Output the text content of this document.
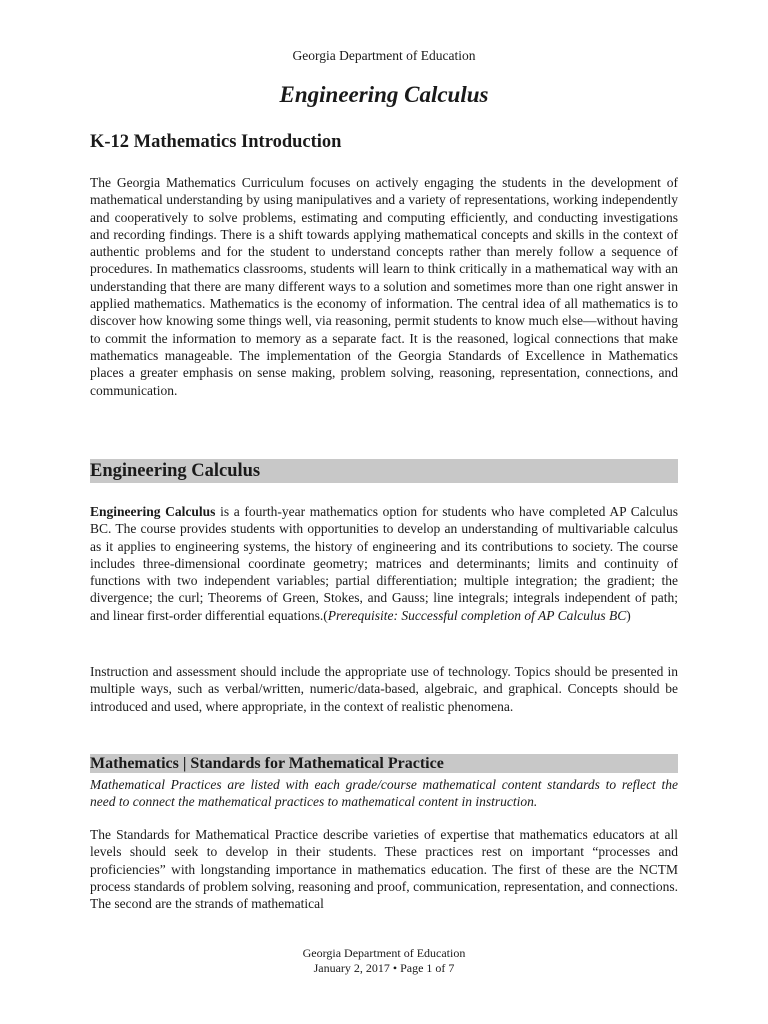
Georgia Department of Education
Engineering Calculus
K-12 Mathematics Introduction
The Georgia Mathematics Curriculum focuses on actively engaging the students in the development of mathematical understanding by using manipulatives and a variety of representations, working independently and cooperatively to solve problems, estimating and computing efficiently, and conducting investigations and recording findings. There is a shift towards applying mathematical concepts and skills in the context of authentic problems and for the student to understand concepts rather than merely follow a sequence of procedures. In mathematics classrooms, students will learn to think critically in a mathematical way with an understanding that there are many different ways to a solution and sometimes more than one right answer in applied mathematics. Mathematics is the economy of information. The central idea of all mathematics is to discover how knowing some things well, via reasoning, permit students to know much else—without having to commit the information to memory as a separate fact. It is the reasoned, logical connections that make mathematics manageable. The implementation of the Georgia Standards of Excellence in Mathematics places a greater emphasis on sense making, problem solving, reasoning, representation, connections, and communication.
Engineering Calculus
Engineering Calculus is a fourth-year mathematics option for students who have completed AP Calculus BC. The course provides students with opportunities to develop an understanding of multivariable calculus as it applies to engineering systems, the history of engineering and its contributions to society. The course includes three-dimensional coordinate geometry; matrices and determinants; limits and continuity of functions with two independent variables; partial differentiation; multiple integration; the gradient; the divergence; the curl; Theorems of Green, Stokes, and Gauss; line integrals; integrals independent of path; and linear first-order differential equations.(Prerequisite: Successful completion of AP Calculus BC)
Instruction and assessment should include the appropriate use of technology. Topics should be presented in multiple ways, such as verbal/written, numeric/data-based, algebraic, and graphical. Concepts should be introduced and used, where appropriate, in the context of realistic phenomena.
Mathematics | Standards for Mathematical Practice
Mathematical Practices are listed with each grade/course mathematical content standards to reflect the need to connect the mathematical practices to mathematical content in instruction.
The Standards for Mathematical Practice describe varieties of expertise that mathematics educators at all levels should seek to develop in their students. These practices rest on important “processes and proficiencies” with longstanding importance in mathematics education. The first of these are the NCTM process standards of problem solving, reasoning and proof, communication, representation, and connections. The second are the strands of mathematical
Georgia Department of Education
January 2, 2017 • Page 1 of 7
